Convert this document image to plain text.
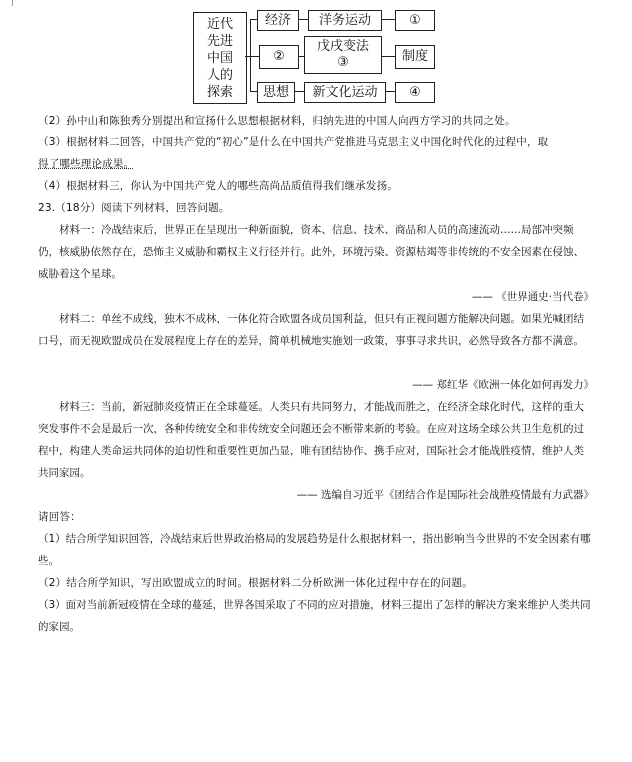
近代
先进
中国
人的
探索
经济	洋务运动	①
②
戊戌变法
③	制度
思想	新文化运动	④
（2）孙中山和陈独秀分别提出和宣扬什么思想根据材料，归纳先进的中国人向西方学习的共同之处。
（3）根据材料二回答，中国共产党的“初心”是什么在中国共产党推进马克思主义中国化时代化的过程中，取
得了哪些理论成果。
（4）根据材料三，你认为中国共产党人的哪些高尚品质值得我们继承发扬。
23.（18分）阅读下列材料，回答问题。
材料一：冷战结束后，世界正在呈现出一种新面貌，资本、信息、技术、商品和人员的高速流动……局部冲突频仍，核威胁依然存在，恐怖主义威胁和霸权主义行径并行。此外，环境污染、资源枯竭等非传统的不安全因素在侵蚀、威胁着这个星球。
—— 《世界通史·当代卷》
材料二：单丝不成线，独木不成林，一体化符合欧盟各成员国利益，但只有正视问题方能解决问题。如果光喊团结口号，而无视欧盟成员在发展程度上存在的差异，简单机械地实施划一政策，事事寻求共识，必然导致各方都不满意。
—— 郑红华《欧洲一体化如何再发力》
材料三：当前，新冠肺炎疫情正在全球蔓延。人类只有共同努力，才能战而胜之，在经济全球化时代，这样的重大突发事件不会是最后一次，各种传统安全和非传统安全问题还会不断带来新的考验。在应对这场全球公共卫生危机的过程中，构建人类命运共同体的迫切性和重要性更加凸显，唯有团结协作、携手应对，国际社会才能战胜疫情，维护人类共同家园。
—— 选编自习近平《团结合作是国际社会战胜疫情最有力武器》
请回答：
（1）结合所学知识回答，冷战结束后世界政治格局的发展趋势是什么根据材料一，指出影响当今世界的不安全因素有哪些。
（2）结合所学知识，写出欧盟成立的时间。根据材料二分析欧洲一体化过程中存在的问题。
（3）面对当前新冠疫情在全球的蔓延，世界各国采取了不同的应对措施，材料三提出了怎样的解决方案来维护人类共同的家园。
